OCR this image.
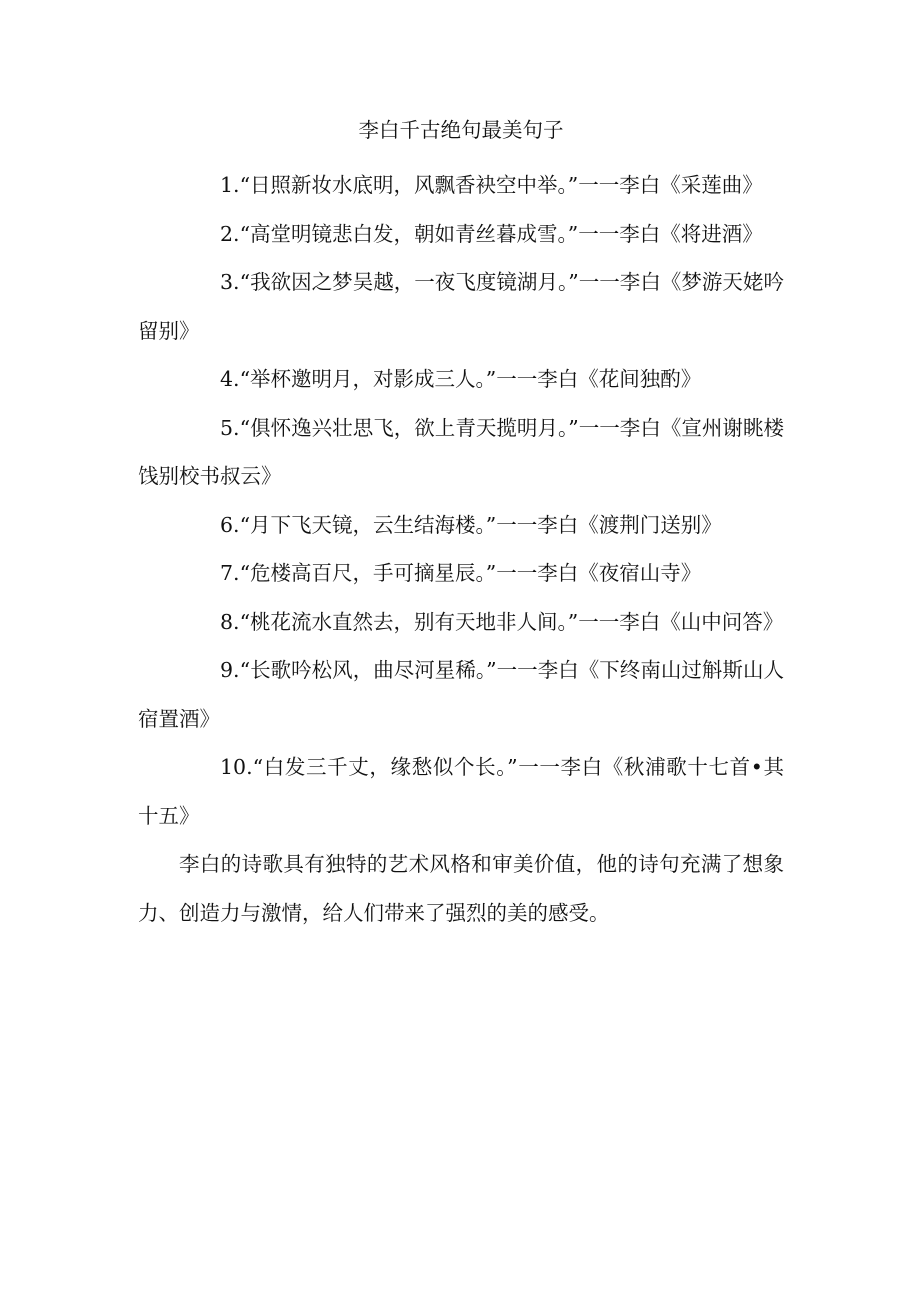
李白千古绝句最美句子

1.“日照新妆水底明，风飘香袂空中举。”一一李白《采莲曲》

2.“高堂明镜悲白发，朝如青丝暮成雪。”一一李白《将进酒》

3.“我欲因之梦吴越，一夜飞度镜湖月。”一一李白《梦游天姥吟留别》

4.“举杯邀明月，对影成三人。”一一李白《花间独酌》

5.“俱怀逸兴壮思飞，欲上青天揽明月。”一一李白《宣州谢眺楼饯别校书叔云》

6.“月下飞天镜，云生结海楼。”一一李白《渡荆门送别》

7.“危楼高百尺，手可摘星辰。”一一李白《夜宿山寺》

8.“桃花流水直然去，别有天地非人间。”一一李白《山中问答》

9.“长歌吟松风，曲尽河星稀。”一一李白《下终南山过斛斯山人宿置酒》

10.“白发三千丈，缘愁似个长。”一一李白《秋浦歌十七首•其十五》

李白的诗歌具有独特的艺术风格和审美价值，他的诗句充满了想象力、创造力与激情，给人们带来了强烈的美的感受。
